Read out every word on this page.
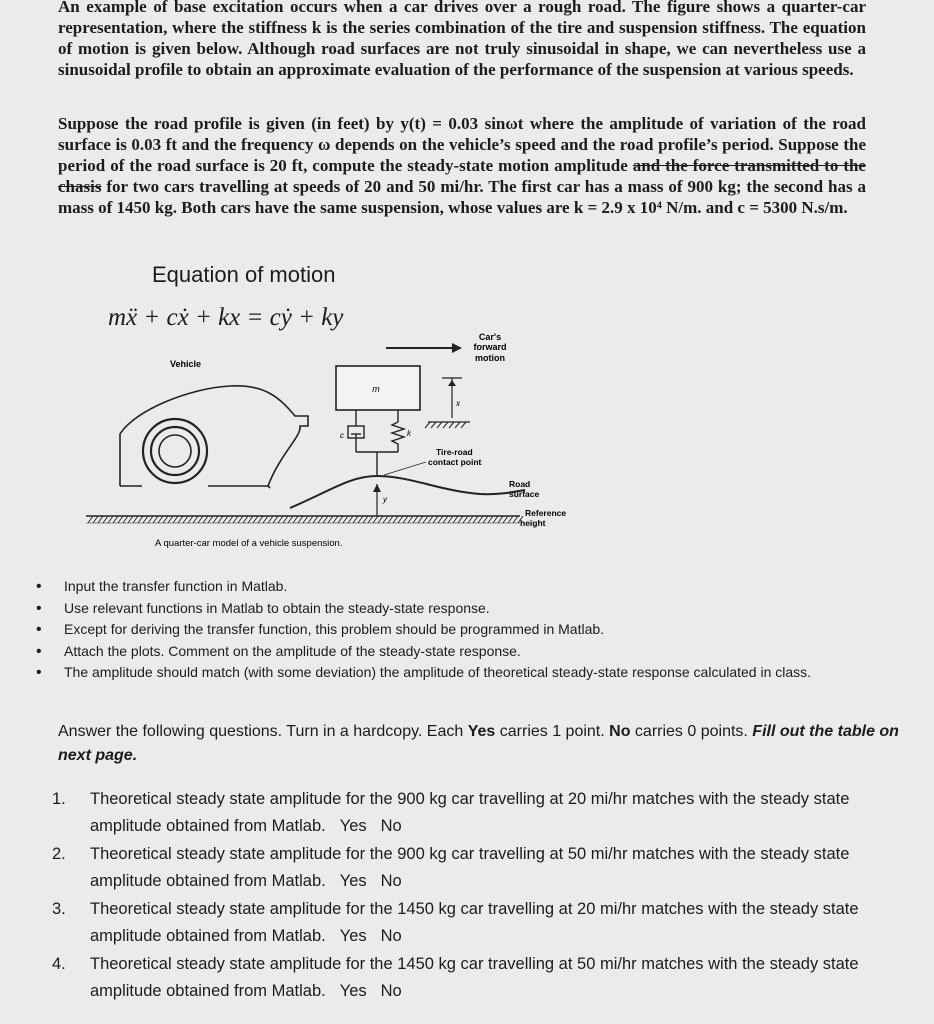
An example of base excitation occurs when a car drives over a rough road. The figure shows a quarter-car representation, where the stiffness k is the series combination of the tire and suspension stiffness. The equation of motion is given below. Although road surfaces are not truly sinusoidal in shape, we can nevertheless use a sinusoidal profile to obtain an approximate evaluation of the performance of the suspension at various speeds.
Suppose the road profile is given (in feet) by y(t) = 0.03 sinωt where the amplitude of variation of the road surface is 0.03 ft and the frequency ω depends on the vehicle’s speed and the road profile’s period. Suppose the period of the road surface is 20 ft, compute the steady-state motion amplitude and the force transmitted to the chasis for two cars travelling at speeds of 20 and 50 mi/hr. The first car has a mass of 900 kg; the second has a mass of 1450 kg. Both cars have the same suspension, whose values are k = 2.9 x 10⁴ N/m. and c = 5300 N.s/m.
Equation of motion
mẍ + cẋ + kx = cẏ + ky
Car's
forward
motion
Vehicle
m
x
c	k
Tire-road
contact point
Road
surface
y
Reference
height
A quarter-car model of a vehicle suspension.
• Input the transfer function in Matlab.
• Use relevant functions in Matlab to obtain the steady-state response.
• Except for deriving the transfer function, this problem should be programmed in Matlab.
• Attach the plots. Comment on the amplitude of the steady-state response.
• The amplitude should match (with some deviation) the amplitude of theoretical steady-state response calculated in class.
Answer the following questions. Turn in a hardcopy. Each Yes carries 1 point. No carries 0 points. Fill out the table on next page.
1. Theoretical steady state amplitude for the 900 kg car travelling at 20 mi/hr matches with the steady state amplitude obtained from Matlab. Yes No
2. Theoretical steady state amplitude for the 900 kg car travelling at 50 mi/hr matches with the steady state amplitude obtained from Matlab. Yes No
3. Theoretical steady state amplitude for the 1450 kg car travelling at 20 mi/hr matches with the steady state amplitude obtained from Matlab. Yes No
4. Theoretical steady state amplitude for the 1450 kg car travelling at 50 mi/hr matches with the steady state amplitude obtained from Matlab. Yes No
